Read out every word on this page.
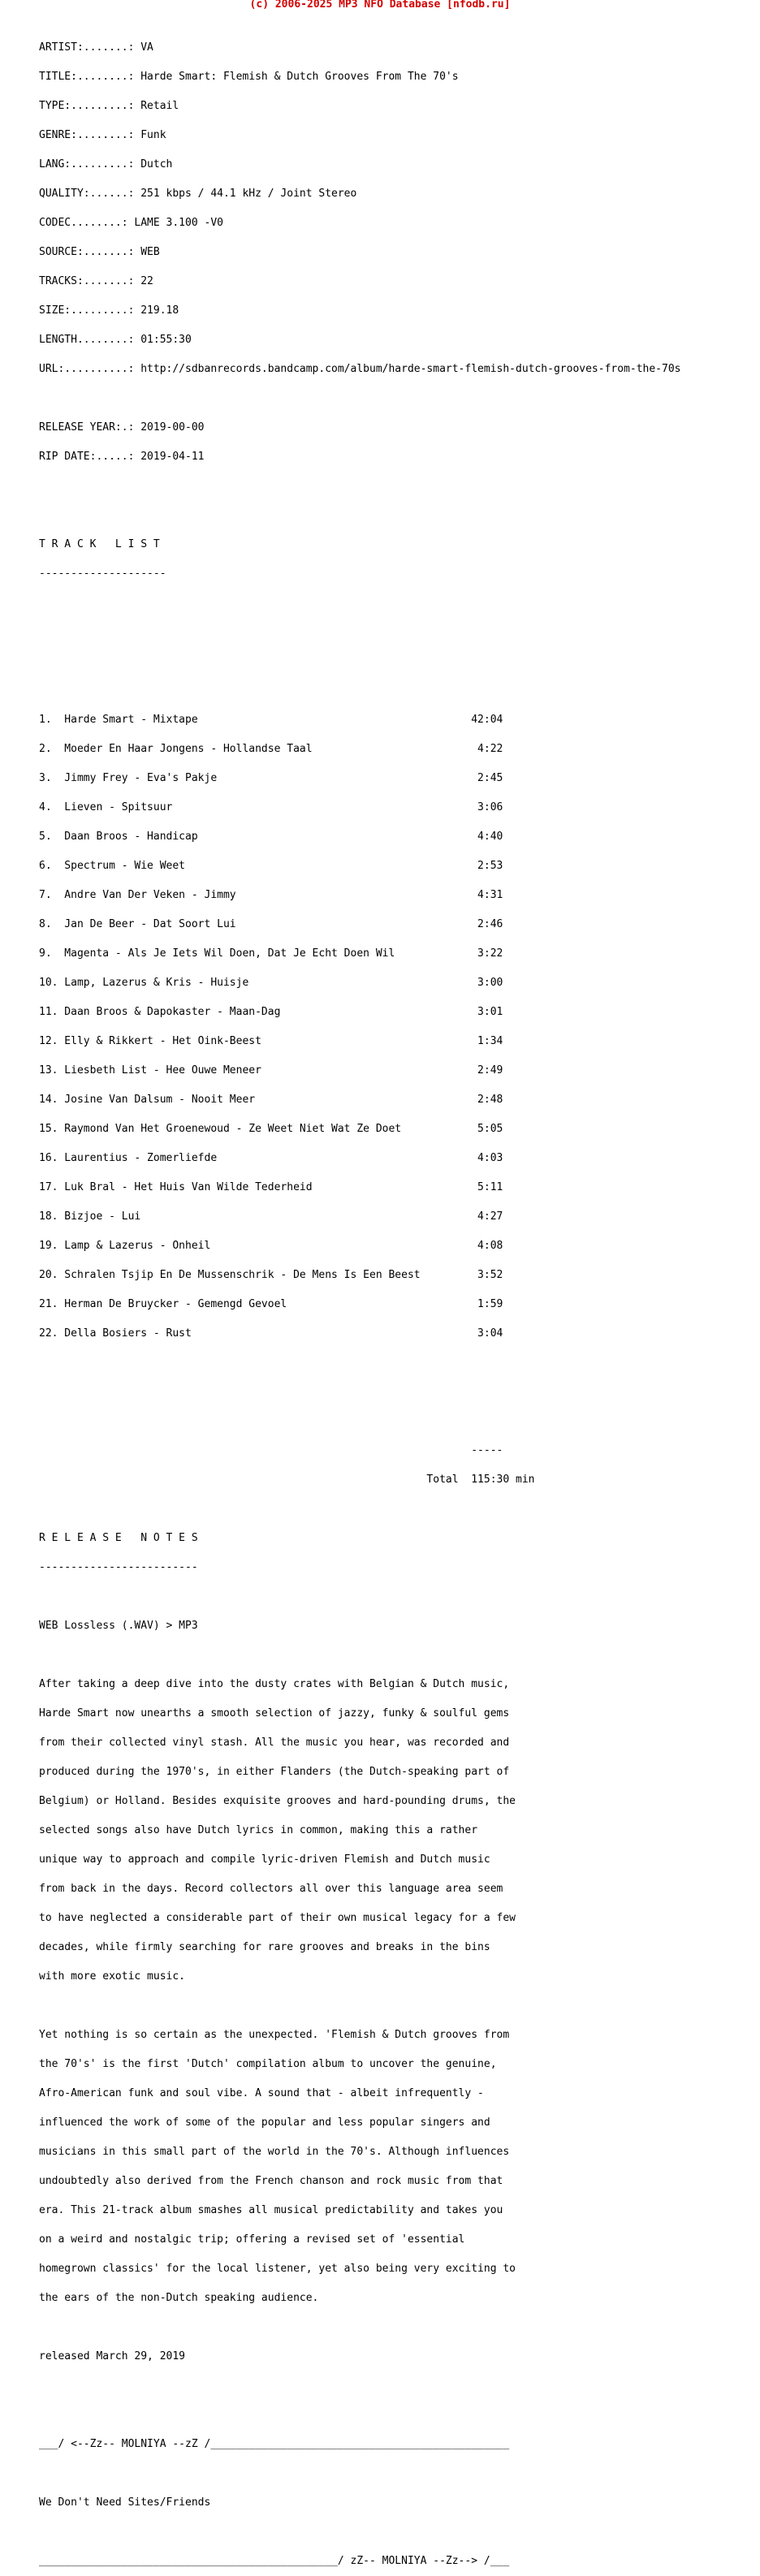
(c) 2006-2025 MP3 NFO Database [nfodb.ru]

ARTIST:.......: VA

TITLE:........: Harde Smart: Flemish & Dutch Grooves From The 70's

TYPE:.........: Retail

GENRE:........: Funk

LANG:.........: Dutch

QUALITY:......: 251 kbps / 44.1 kHz / Joint Stereo

CODEC........: LAME 3.100 -V0

SOURCE:.......: WEB

TRACKS:.......: 22

SIZE:.........: 219.18

LENGTH........: 01:55:30

URL:..........: http://sdbanrecords.bandcamp.com/album/harde-smart-flemish-dutch-grooves-from-the-70s

RELEASE YEAR:.: 2019-00-00

RIP DATE:.....: 2019-04-11

T R A C K   L I S T

--------------------

1.  Harde Smart - Mixtape                                           42:04

2.  Moeder En Haar Jongens - Hollandse Taal                          4:22

3.  Jimmy Frey - Eva's Pakje                                         2:45

4.  Lieven - Spitsuur                                                3:06

5.  Daan Broos - Handicap                                            4:40

6.  Spectrum - Wie Weet                                              2:53

7.  Andre Van Der Veken - Jimmy                                      4:31

8.  Jan De Beer - Dat Soort Lui                                      2:46

9.  Magenta - Als Je Iets Wil Doen, Dat Je Echt Doen Wil             3:22

10. Lamp, Lazerus & Kris - Huisje                                    3:00

11. Daan Broos & Dapokaster - Maan-Dag                               3:01

12. Elly & Rikkert - Het Oink-Beest                                  1:34

13. Liesbeth List - Hee Ouwe Meneer                                  2:49

14. Josine Van Dalsum - Nooit Meer                                   2:48

15. Raymond Van Het Groenewoud - Ze Weet Niet Wat Ze Doet            5:05

16. Laurentius - Zomerliefde                                         4:03

17. Luk Bral - Het Huis Van Wilde Tederheid                          5:11

18. Bizjoe - Lui                                                     4:27

19. Lamp & Lazerus - Onheil                                          4:08

20. Schralen Tsjip En De Mussenschrik - De Mens Is Een Beest         3:52

21. Herman De Bruycker - Gemengd Gevoel                              1:59

22. Della Bosiers - Rust                                             3:04

-----

Total  115:30 min

R E L E A S E   N O T E S

-------------------------

WEB Lossless (.WAV) > MP3

After taking a deep dive into the dusty crates with Belgian & Dutch music,

Harde Smart now unearths a smooth selection of jazzy, funky & soulful gems

from their collected vinyl stash. All the music you hear, was recorded and

produced during the 1970's, in either Flanders (the Dutch-speaking part of

Belgium) or Holland. Besides exquisite grooves and hard-pounding drums, the

selected songs also have Dutch lyrics in common, making this a rather

unique way to approach and compile lyric-driven Flemish and Dutch music

from back in the days. Record collectors all over this language area seem

to have neglected a considerable part of their own musical legacy for a few

decades, while firmly searching for rare grooves and breaks in the bins

with more exotic music.

Yet nothing is so certain as the unexpected. 'Flemish & Dutch grooves from

the 70's' is the first 'Dutch' compilation album to uncover the genuine,

Afro-American funk and soul vibe. A sound that - albeit infrequently -

influenced the work of some of the popular and less popular singers and

musicians in this small part of the world in the 70's. Although influences

undoubtedly also derived from the French chanson and rock music from that

era. This 21-track album smashes all musical predictability and takes you

on a weird and nostalgic trip; offering a revised set of 'essential

homegrown classics' for the local listener, yet also being very exciting to

the ears of the non-Dutch speaking audience.

released March 29, 2019

___/ <--Zz-- MOLNIYA --zZ /_______________________________________________

We Don't Need Sites/Friends

_______________________________________________/ zZ-- MOLNIYA --Zz--> /___
